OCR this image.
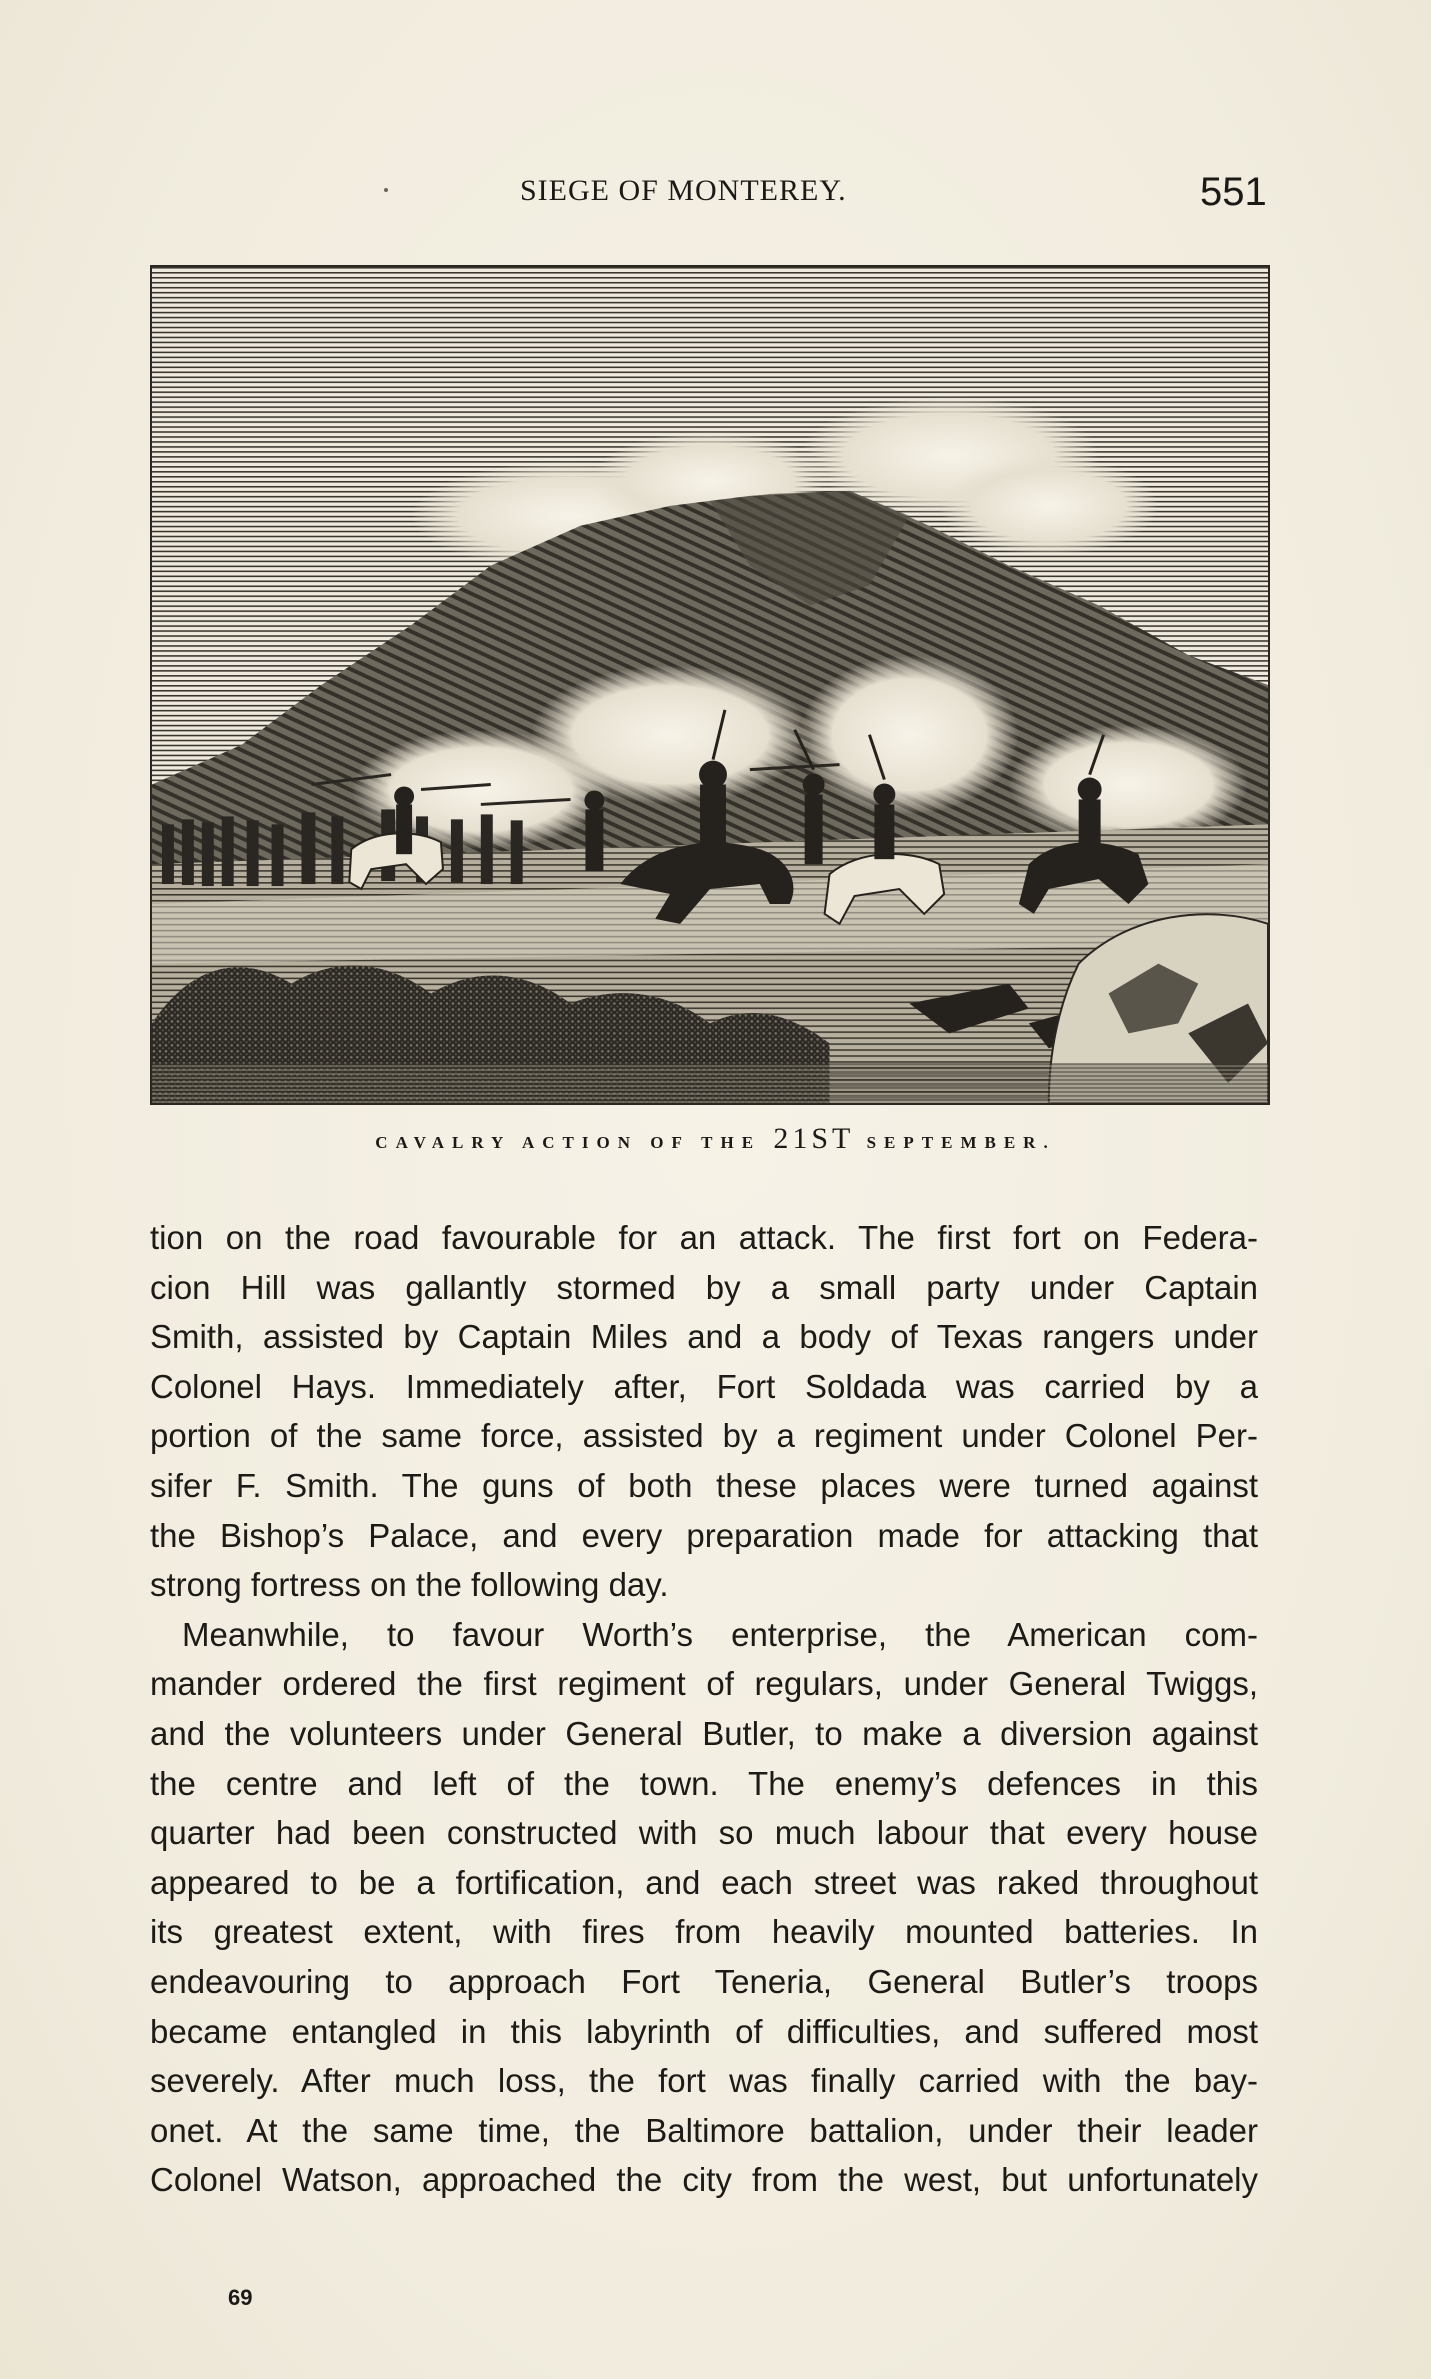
SIEGE OF MONTEREY.	551
CAVALRY ACTION OF THE 21ST SEPTEMBER.
tion on the road favourable for an attack. The first fort on Federa-
cion Hill was gallantly stormed by a small party under Captain
Smith, assisted by Captain Miles and a body of Texas rangers under
Colonel Hays. Immediately after, Fort Soldada was carried by a
portion of the same force, assisted by a regiment under Colonel Per-
sifer F. Smith. The guns of both these places were turned against
the Bishop’s Palace, and every preparation made for attacking that
strong fortress on the following day.
Meanwhile, to favour Worth’s enterprise, the American com-
mander ordered the first regiment of regulars, under General Twiggs,
and the volunteers under General Butler, to make a diversion against
the centre and left of the town. The enemy’s defences in this
quarter had been constructed with so much labour that every house
appeared to be a fortification, and each street was raked throughout
its greatest extent, with fires from heavily mounted batteries. In
endeavouring to approach Fort Teneria, General Butler’s troops
became entangled in this labyrinth of difficulties, and suffered most
severely. After much loss, the fort was finally carried with the bay-
onet. At the same time, the Baltimore battalion, under their leader
Colonel Watson, approached the city from the west, but unfortunately
69
